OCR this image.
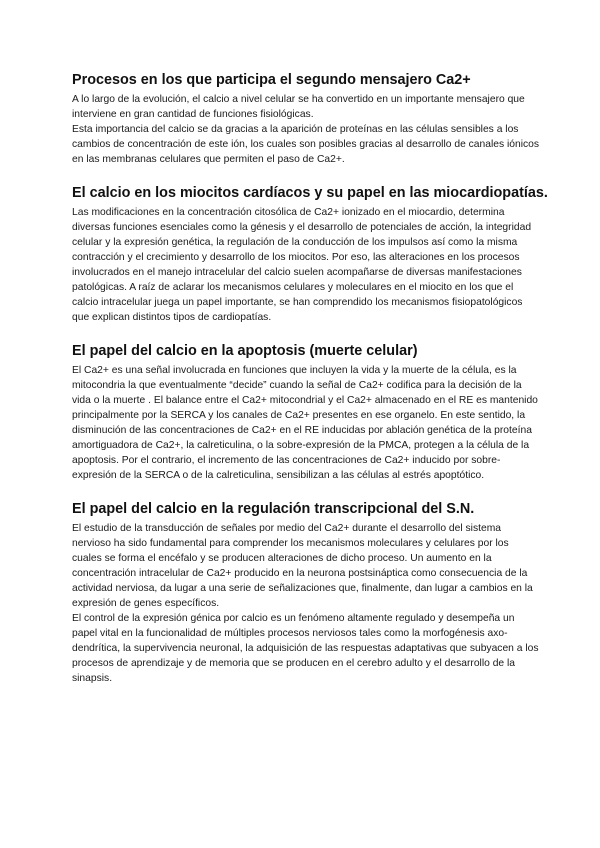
Procesos en los que participa el segundo mensajero Ca2+

A lo largo de la evolución, el calcio a nivel celular se ha convertido en un importante mensajero que interviene en gran cantidad de funciones fisiológicas.

Esta importancia del calcio se da gracias a la aparición de proteínas en las células sensibles a los cambios de concentración de este ión, los cuales son posibles gracias al desarrollo de canales iónicos en las membranas celulares que permiten el paso de Ca2+.

El calcio en los miocitos cardíacos y su papel en las miocardiopatías.

Las modificaciones en la concentración citosólica de Ca2+ ionizado en el miocardio, determina diversas funciones esenciales como la génesis y el desarrollo de potenciales de acción, la integridad celular y la expresión genética, la regulación de la conducción de los impulsos así como la misma contracción y el crecimiento y desarrollo de los miocitos. Por eso, las alteraciones en los procesos involucrados en el manejo intracelular del calcio suelen acompañarse de diversas manifestaciones patológicas. A raíz de aclarar los mecanismos celulares y moleculares en el miocito en los que el calcio intracelular juega un papel importante, se han comprendido los mecanismos fisiopatológicos que explican distintos tipos de cardiopatías.

El papel del calcio en la apoptosis (muerte celular)

El Ca2+ es una señal involucrada en funciones que incluyen la vida y la muerte de la célula, es la mitocondria la que eventualmente “decide” cuando la señal de Ca2+ codifica para la decisión de la vida o la muerte . El balance entre el Ca2+ mitocondrial y el Ca2+ almacenado en el RE es mantenido principalmente por la SERCA y los canales de Ca2+ presentes en ese organelo. En este sentido, la disminución de las concentraciones de Ca2+ en el RE inducidas por ablación genética de la proteína amortiguadora de Ca2+, la calreticulina, o la sobre-expresión de la PMCA, protegen a la célula de la apoptosis. Por el contrario, el incremento de las concentraciones de Ca2+ inducido por sobre-expresión de la SERCA o de la calreticulina, sensibilizan a las células al estrés apoptótico.

El papel del calcio en la regulación transcripcional del S.N.

El estudio de la transducción de señales por medio del Ca2+ durante el desarrollo del sistema nervioso ha sido fundamental para comprender los mecanismos moleculares y celulares por los cuales se forma el encéfalo y se producen alteraciones de dicho proceso. Un aumento en la concentración intracelular de Ca2+ producido en la neurona postsináptica como consecuencia de la actividad nerviosa, da lugar a una serie de señalizaciones que, finalmente, dan lugar a cambios en la expresión de genes específicos.

El control de la expresión génica por calcio es un fenómeno altamente regulado y desempeña un papel vital en la funcionalidad de múltiples procesos nerviosos tales como la morfogénesis axo-dendrítica, la supervivencia neuronal, la adquisición de las respuestas adaptativas que subyacen a los procesos de aprendizaje y de memoria que se producen en el cerebro adulto y el desarrollo de la sinapsis.
